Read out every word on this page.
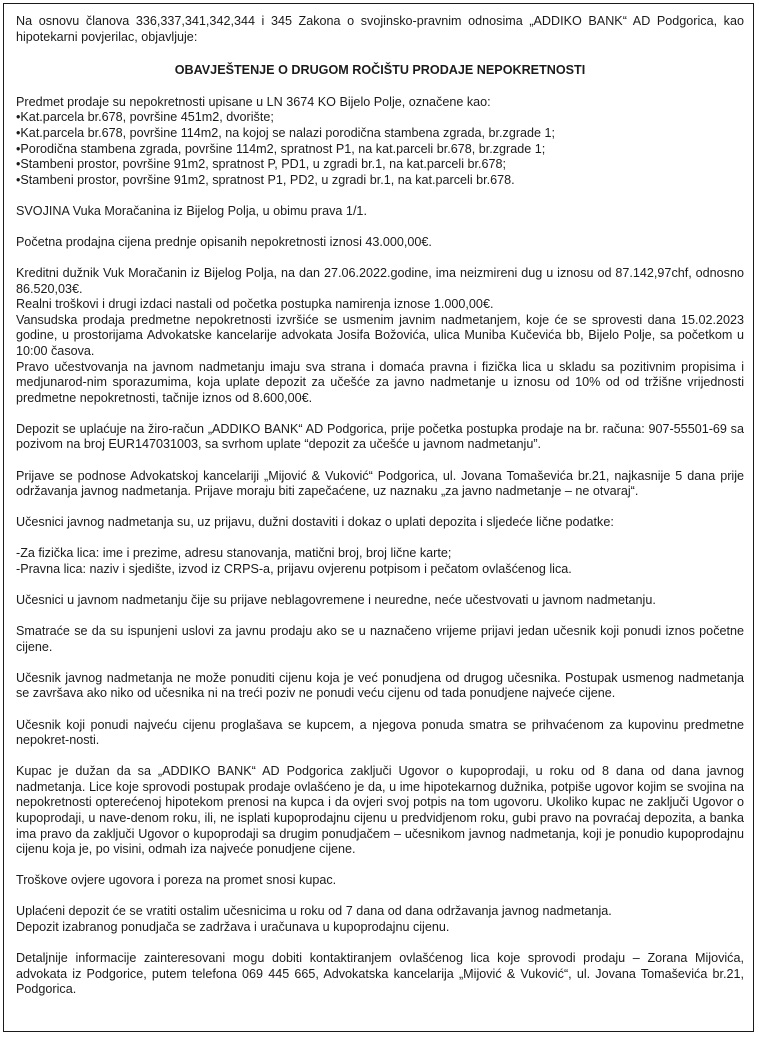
Na osnovu članova 336,337,341,342,344 i 345 Zakona o svojinsko-pravnim odnosima „ADDIKO BANK“ AD Podgorica, kao hipotekarni povjerilac, objavljuje:

OBAVJEŠTENJE O DRUGOM ROČIŠTU PRODAJE NEPOKRETNOSTI

Predmet prodaje su nepokretnosti upisane u LN 3674 KO Bijelo Polje, označene kao:
•Kat.parcela br.678, površine 451m2, dvorište;
•Kat.parcela br.678, površine 114m2, na kojoj se nalazi porodična stambena zgrada, br.zgrade 1;
•Porodična stambena zgrada, površine 114m2, spratnost P1, na kat.parceli br.678, br.zgrade 1;
•Stambeni prostor, površine 91m2, spratnost P, PD1, u zgradi br.1, na kat.parceli br.678;
•Stambeni prostor, površine 91m2, spratnost P1, PD2, u zgradi br.1, na kat.parceli br.678.

SVOJINA Vuka Moračanina iz Bijelog Polja, u obimu prava 1/1.

Početna prodajna cijena prednje opisanih nepokretnosti iznosi 43.000,00€.

Kreditni dužnik Vuk Moračanin iz Bijelog Polja, na dan 27.06.2022.godine, ima neizmireni dug u iznosu od 87.142,97chf, odnosno 86.520,03€.

Realni troškovi i drugi izdaci nastali od početka postupka namirenja iznose 1.000,00€.

Vansudska prodaja predmetne nepokretnosti izvršiće se usmenim javnim nadmetanjem, koje će se sprovesti dana 15.02.2023 godine, u prostorijama Advokatske kancelarije advokata Josifa Božovića, ulica Muniba Kučevića bb, Bijelo Polje, sa početkom u 10:00 časova.

Pravo učestvovanja na javnom nadmetanju imaju sva strana i domaća pravna i fizička lica u skladu sa pozitivnim propisima i medjunarod-nim sporazumima, koja uplate depozit za učešće za javno nadmetanje u iznosu od 10% od od tržišne vrijednosti predmetne nepokretnosti, tačnije iznos od 8.600,00€.

Depozit se uplaćuje na žiro-račun „ADDIKO BANK“ AD Podgorica, prije početka postupka prodaje na br. računa: 907-55501-69 sa pozivom na broj EUR147031003, sa svrhom uplate “depozit za učešće u javnom nadmetanju”.

Prijave se podnose Advokatskoj kancelariji „Mijović & Vuković“ Podgorica, ul. Jovana Tomaševića br.21, najkasnije 5 dana prije održavanja javnog nadmetanja. Prijave moraju biti zapečaćene, uz naznaku „za javno nadmetanje – ne otvaraj“.

Učesnici javnog nadmetanja su, uz prijavu, dužni dostaviti i dokaz o uplati depozita i sljedeće lične podatke:

-Za fizička lica: ime i prezime, adresu stanovanja, matični broj, broj lične karte;
-Pravna lica: naziv i sjedište, izvod iz CRPS-a, prijavu ovjerenu potpisom i pečatom ovlašćenog lica.

Učesnici u javnom nadmetanju čije su prijave neblagovremene i neuredne, neće učestvovati u javnom nadmetanju.

Smatraće se da su ispunjeni uslovi za javnu prodaju ako se u naznačeno vrijeme prijavi jedan učesnik koji ponudi iznos početne cijene.

Učesnik javnog nadmetanja ne može ponuditi cijenu koja je već ponudjena od drugog učesnika. Postupak usmenog nadmetanja se završava ako niko od učesnika ni na treći poziv ne ponudi veću cijenu od tada ponudjene najveće cijene.

Učesnik koji ponudi najveću cijenu proglašava se kupcem, a njegova ponuda smatra se prihvaćenom za kupovinu predmetne nepokret-nosti.

Kupac je dužan da sa „ADDIKO BANK“ AD Podgorica zaključi Ugovor o kupoprodaji, u roku od 8 dana od dana javnog nadmetanja. Lice koje sprovodi postupak prodaje ovlašćeno je da, u ime hipotekarnog dužnika, potpiše ugovor kojim se svojina na nepokretnosti opterećenoj hipotekom prenosi na kupca i da ovjeri svoj potpis na tom ugovoru. Ukoliko kupac ne zaključi Ugovor o kupoprodaji, u nave-denom roku, ili, ne isplati kupoprodajnu cijenu u predvidjenom roku, gubi pravo na povraćaj depozita, a banka ima pravo da zaključi Ugovor o kupoprodaji sa drugim ponudjačem – učesnikom javnog nadmetanja, koji je ponudio kupoprodajnu cijenu koja je, po visini, odmah iza najveće ponudjene cijene.

Troškove ovjere ugovora i poreza na promet snosi kupac.

Uplaćeni depozit će se vratiti ostalim učesnicima u roku od 7 dana od dana održavanja javnog nadmetanja.

Depozit izabranog ponudjača se zadržava i uračunava u kupoprodajnu cijenu.

Detaljnije informacije zainteresovani mogu dobiti kontaktiranjem ovlašćenog lica koje sprovodi prodaju – Zorana Mijovića, advokata iz Podgorice, putem telefona 069 445 665, Advokatska kancelarija „Mijović & Vuković“, ul. Jovana Tomaševića br.21, Podgorica.
